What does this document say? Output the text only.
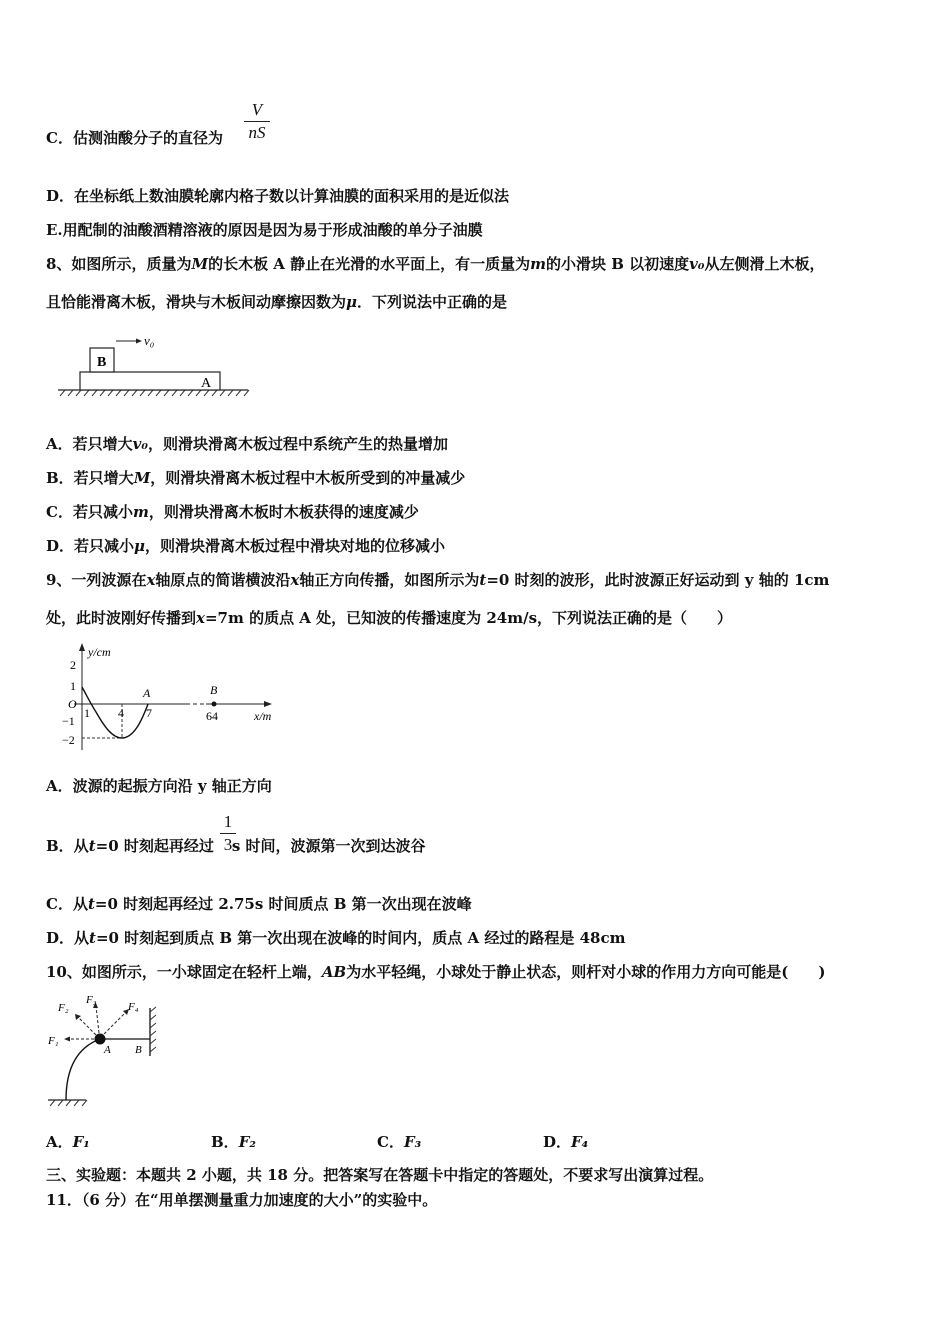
C．估测油酸分子的直径为
V
nS
D．在坐标纸上数油膜轮廓内格子数以计算油膜的面积采用的是近似法
E.用配制的油酸酒精溶液的原因是因为易于形成油酸的单分子油膜
8、如图所示，质量为M的长木板 A 静止在光滑的水平面上，有一质量为m的小滑块 B 以初速度v₀从左侧滑上木板，
且恰能滑离木板，滑块与木板间动摩擦因数为μ．下列说法中正确的是
A
B
v₀
A．若只增大v₀，则滑块滑离木板过程中系统产生的热量增加
B．若只增大M，则滑块滑离木板过程中木板所受到的冲量减少
C．若只减小m，则滑块滑离木板时木板获得的速度减少
D．若只减小μ，则滑块滑离木板过程中滑块对地的位移减小
9、一列波源在x轴原点的简谐横波沿x轴正方向传播，如图所示为t=0 时刻的波形，此时波源正好运动到 y 轴的 1cm
处，此时波刚好传播到x=7m 的质点 A 处，已知波的传播速度为 24m/s，下列说法正确的是（　　）
y/cm
x/m
O
2
1
−1
−2
1 4 7
A	B
64
A．波源的起振方向沿 y 轴正方向
B．从t=0 时刻起再经过 s 时间，波源第一次到达波谷
1
3
C．从t=0 时刻起再经过 2.75s 时间质点 B 第一次出现在波峰
D．从t=0 时刻起到质点 B 第一次出现在波峰的时间内，质点 A 经过的路程是 48cm
10、如图所示，一小球固定在轻杆上端，AB为水平轻绳，小球处于静止状态，则杆对小球的作用力方向可能是(　　)
F₁
F₂
F₃
F₄
A B
A．F₁	B．F₂	C．F₃	D．F₄
三、实验题：本题共 2 小题，共 18 分。把答案写在答题卡中指定的答题处，不要求写出演算过程。
11．（6 分）在“用单摆测量重力加速度的大小”的实验中。
